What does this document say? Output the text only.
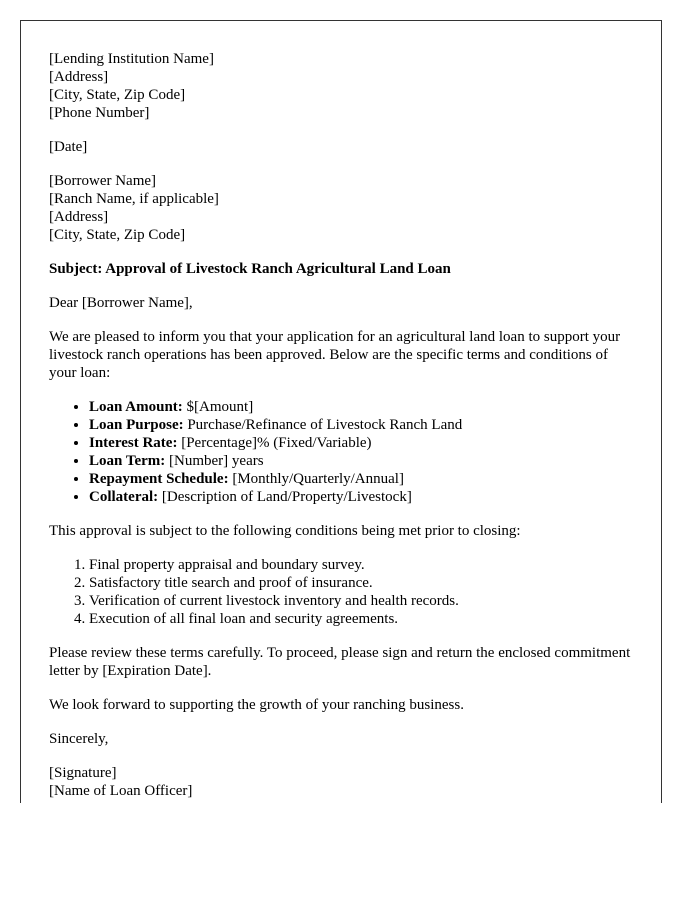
[Lending Institution Name]
[Address]
[City, State, Zip Code]
[Phone Number]

[Date]

[Borrower Name]
[Ranch Name, if applicable]
[Address]
[City, State, Zip Code]

Subject: Approval of Livestock Ranch Agricultural Land Loan

Dear [Borrower Name],

We are pleased to inform you that your application for an agricultural land loan to support your livestock ranch operations has been approved. Below are the specific terms and conditions of your loan:

• Loan Amount: $[Amount]
• Loan Purpose: Purchase/Refinance of Livestock Ranch Land
• Interest Rate: [Percentage]% (Fixed/Variable)
• Loan Term: [Number] years
• Repayment Schedule: [Monthly/Quarterly/Annual]
• Collateral: [Description of Land/Property/Livestock]

This approval is subject to the following conditions being met prior to closing:

1. Final property appraisal and boundary survey.
2. Satisfactory title search and proof of insurance.
3. Verification of current livestock inventory and health records.
4. Execution of all final loan and security agreements.

Please review these terms carefully. To proceed, please sign and return the enclosed commitment letter by [Expiration Date].

We look forward to supporting the growth of your ranching business.

Sincerely,

[Signature]
[Name of Loan Officer]
